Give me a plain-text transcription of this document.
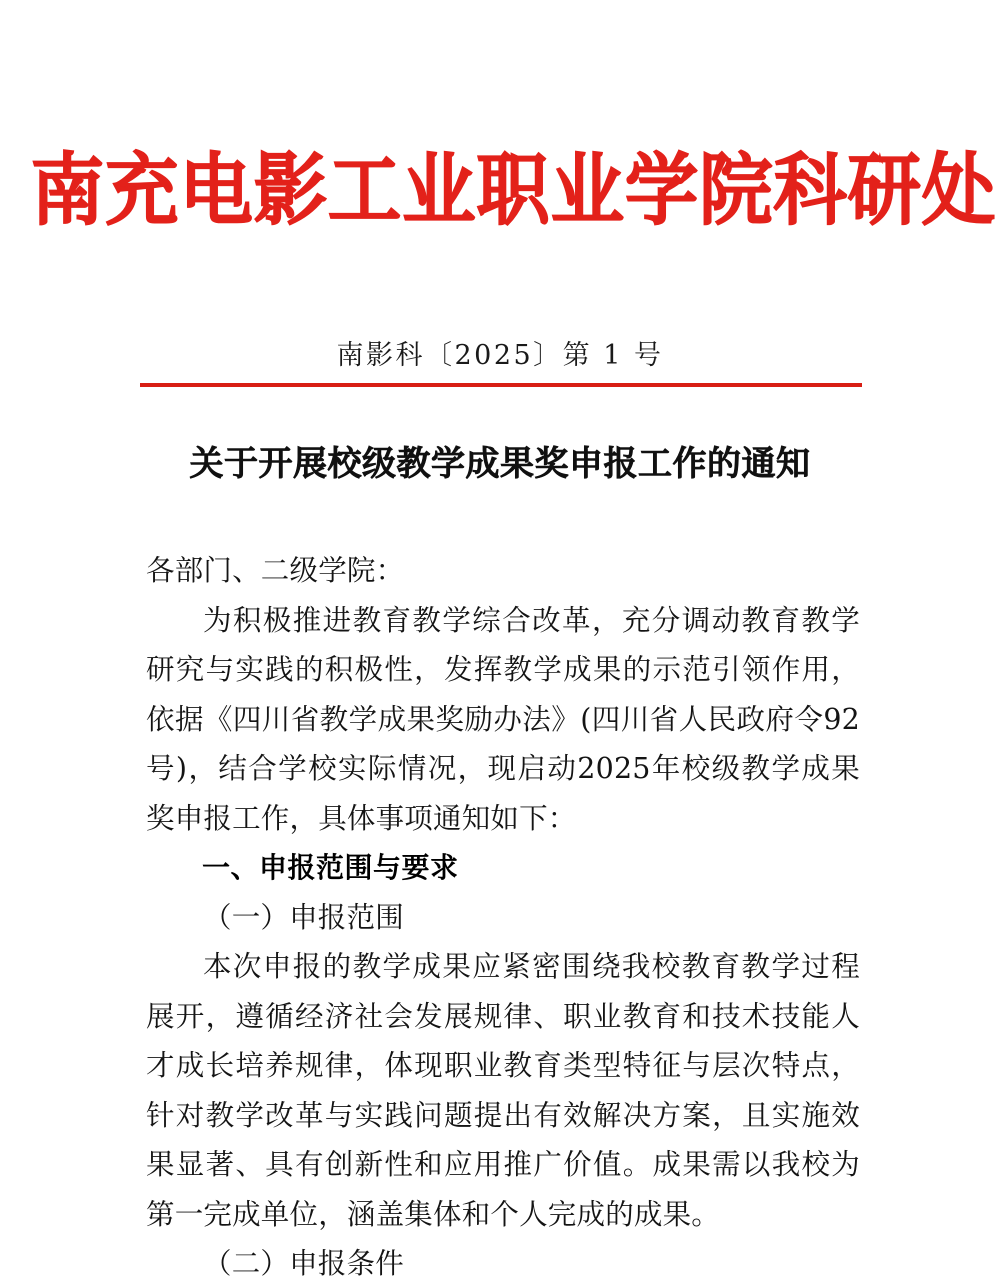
南充电影工业职业学院科研处
南影科〔2025〕第 1 号
关于开展校级教学成果奖申报工作的通知

各部门、二级学院：

为积极推进教育教学综合改革，充分调动教育教学研究与实践的积极性，发挥教学成果的示范引领作用，依据《四川省教学成果奖励办法》(四川省人民政府令92号)，结合学校实际情况，现启动2025年校级教学成果奖申报工作，具体事项通知如下：

一、申报范围与要求

（一）申报范围

本次申报的教学成果应紧密围绕我校教育教学过程展开，遵循经济社会发展规律、职业教育和技术技能人才成长培养规律，体现职业教育类型特征与层次特点，针对教学改革与实践问题提出有效解决方案，且实施效果显著、具有创新性和应用推广价值。成果需以我校为第一完成单位，涵盖集体和个人完成的成果。

（二）申报条件
